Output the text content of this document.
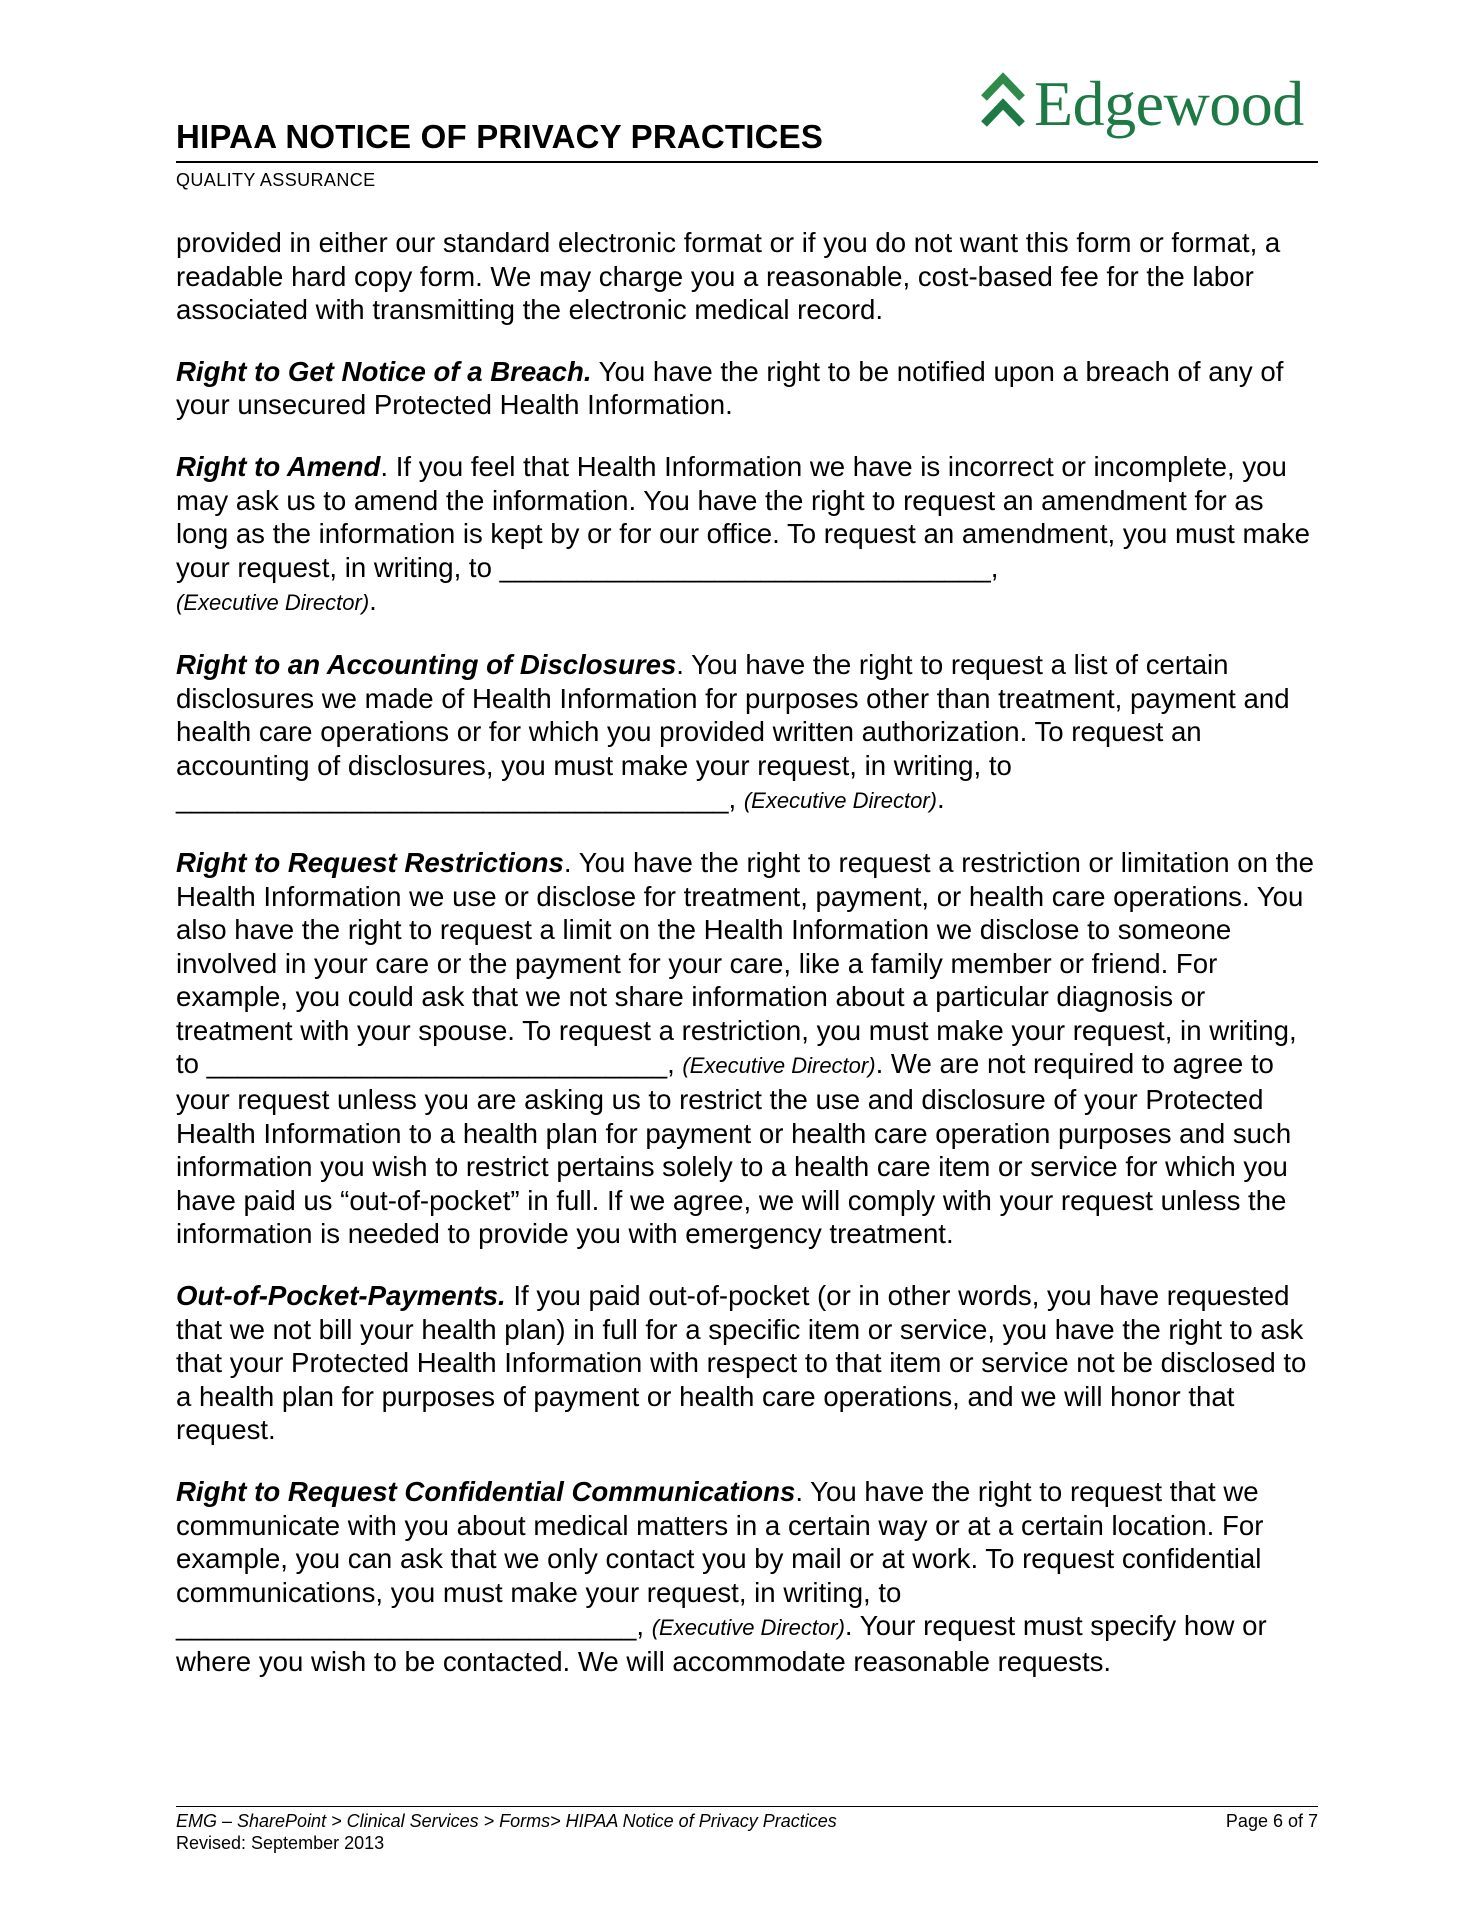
HIPAA NOTICE OF PRIVACY PRACTICES	Edgewood
QUALITY ASSURANCE

provided in either our standard electronic format or if you do not want this form or format, a readable hard copy form. We may charge you a reasonable, cost-based fee for the labor associated with transmitting the electronic medical record.

Right to Get Notice of a Breach. You have the right to be notified upon a breach of any of your unsecured Protected Health Information.

Right to Amend. If you feel that Health Information we have is incorrect or incomplete, you may ask us to amend the information. You have the right to request an amendment for as long as the information is kept by or for our office. To request an amendment, you must make your request, in writing, to ________________________________,
(Executive Director).

Right to an Accounting of Disclosures. You have the right to request a list of certain disclosures we made of Health Information for purposes other than treatment, payment and health care operations or for which you provided written authorization. To request an accounting of disclosures, you must make your request, in writing, to ____________________________________, (Executive Director).

Right to Request Restrictions. You have the right to request a restriction or limitation on the Health Information we use or disclose for treatment, payment, or health care operations. You also have the right to request a limit on the Health Information we disclose to someone involved in your care or the payment for your care, like a family member or friend. For example, you could ask that we not share information about a particular diagnosis or treatment with your spouse. To request a restriction, you must make your request, in writing, to ______________________________, (Executive Director). We are not required to agree to your request unless you are asking us to restrict the use and disclosure of your Protected Health Information to a health plan for payment or health care operation purposes and such information you wish to restrict pertains solely to a health care item or service for which you have paid us “out-of-pocket” in full. If we agree, we will comply with your request unless the information is needed to provide you with emergency treatment.

Out-of-Pocket-Payments. If you paid out-of-pocket (or in other words, you have requested that we not bill your health plan) in full for a specific item or service, you have the right to ask that your Protected Health Information with respect to that item or service not be disclosed to a health plan for purposes of payment or health care operations, and we will honor that request.

Right to Request Confidential Communications. You have the right to request that we communicate with you about medical matters in a certain way or at a certain location. For example, you can ask that we only contact you by mail or at work. To request confidential communications, you must make your request, in writing, to ______________________________, (Executive Director). Your request must specify how or where you wish to be contacted. We will accommodate reasonable requests.

EMG – SharePoint > Clinical Services > Forms> HIPAA Notice of Privacy Practices
Revised: September 2013
Page 6 of 7
